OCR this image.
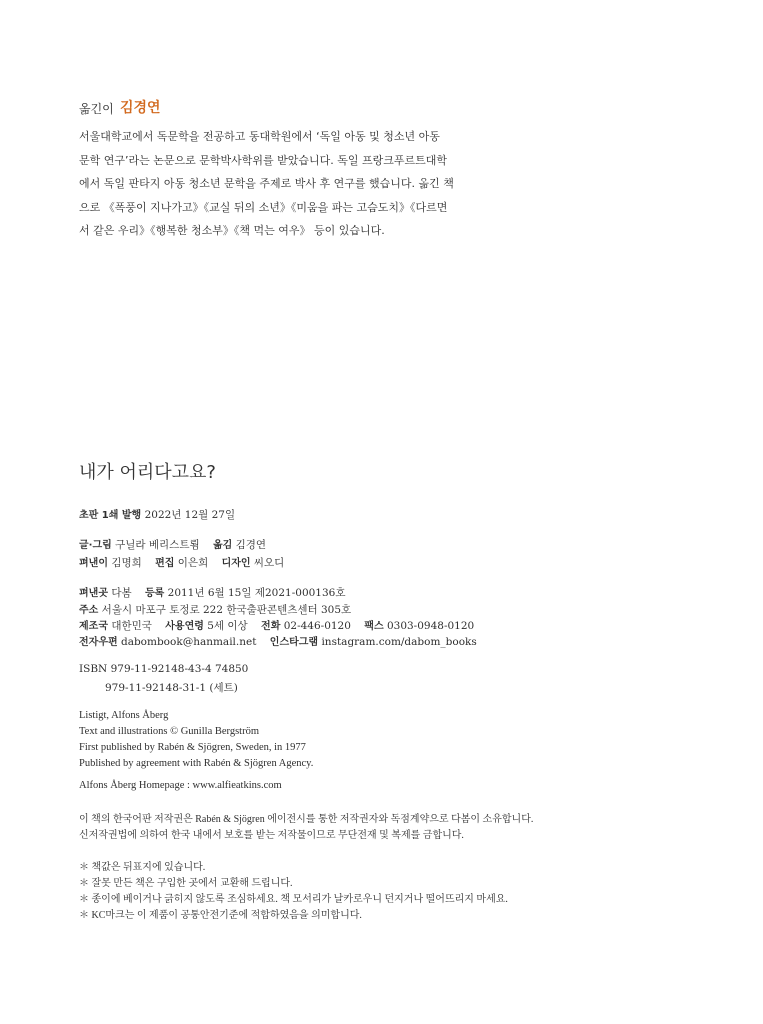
옮긴이 김경연
서울대학교에서 독문학을 전공하고 동대학원에서 ‘독일 아동 및 청소년 아동
문학 연구’라는 논문으로 문학박사학위를 받았습니다. 독일 프랑크푸르트대학
에서 독일 판타지 아동 청소년 문학을 주제로 박사 후 연구를 했습니다. 옮긴 책
으로 《폭풍이 지나가고》《교실 뒤의 소년》《미움을 파는 고슴도치》《다르면
서 같은 우리》《행복한 청소부》《책 먹는 여우》 등이 있습니다.
내가 어리다고요?
초판 1쇄 발행 2022년 12월 27일
글·그림 구닐라 베리스트룀 옮김 김경연
펴낸이 김명희 편집 이은희 디자인 씨오디
펴낸곳 다봄 등록 2011년 6월 15일 제2021-000136호
주소 서울시 마포구 토정로 222 한국출판콘텐츠센터 305호
제조국 대한민국 사용연령 5세 이상 전화 02-446-0120 팩스 0303-0948-0120
전자우편 dabombook@hanmail.net 인스타그램 instagram.com/dabom_books
ISBN 979-11-92148-43-4 74850
979-11-92148-31-1 (세트)
Listigt, Alfons Åberg
Text and illustrations © Gunilla Bergström
First published by Rabén & Sjögren, Sweden, in 1977
Published by agreement with Rabén & Sjögren Agency.
Alfons Åberg Homepage : www.alfieatkins.com
이 책의 한국어판 저작권은 Rabén & Sjögren 에이전시를 통한 저작권자와 독점계약으로 다봄이 소유합니다.
신저작권법에 의하여 한국 내에서 보호를 받는 저작물이므로 무단전재 및 복제를 금합니다.
＊ 책값은 뒤표지에 있습니다.
＊ 잘못 만든 책은 구입한 곳에서 교환해 드립니다.
＊ 종이에 베이거나 긁히지 않도록 조심하세요. 책 모서리가 날카로우니 던지거나 떨어뜨리지 마세요.
＊ KC마크는 이 제품이 공통안전기준에 적합하였음을 의미합니다.
